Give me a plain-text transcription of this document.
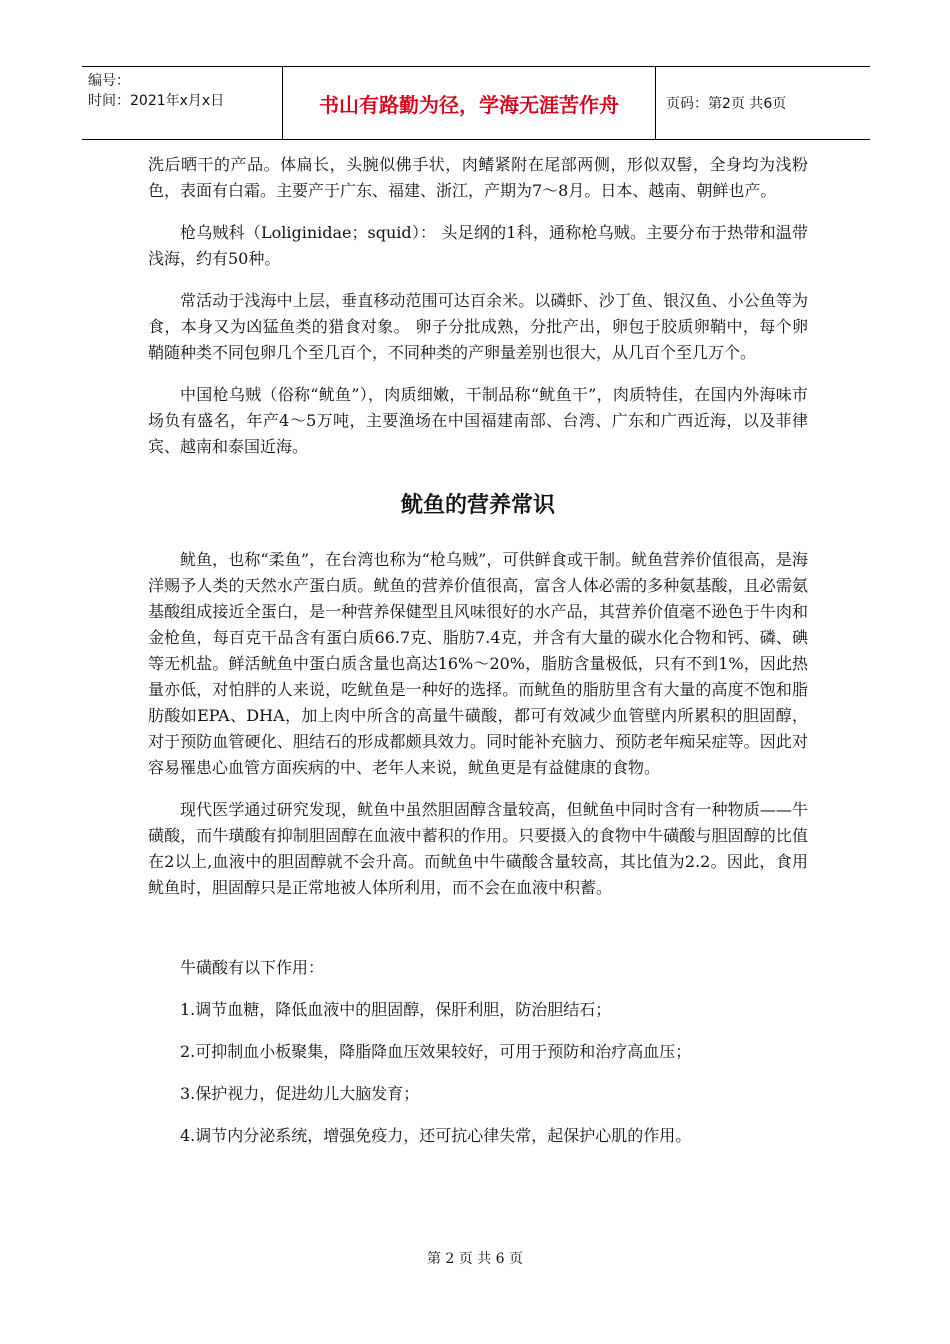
编号：
时间：2021年x月x日	书山有路勤为径，学海无涯苦作舟	页码：第2页 共6页

洗后晒干的产品。体扁长，头腕似佛手状，肉鳍紧附在尾部两侧，形似双髻，全身均为浅粉色，表面有白霜。主要产于广东、福建、浙江，产期为7～8月。日本、越南、朝鲜也产。

枪乌贼科（Loliginidae；squid）： 头足纲的1科，通称枪乌贼。主要分布于热带和温带浅海，约有50种。

常活动于浅海中上层，垂直移动范围可达百余米。以磷虾、沙丁鱼、银汉鱼、小公鱼等为食，本身又为凶猛鱼类的猎食对象。 卵子分批成熟，分批产出，卵包于胶质卵鞘中，每个卵鞘随种类不同包卵几个至几百个，不同种类的产卵量差别也很大，从几百个至几万个。

中国枪乌贼（俗称“鱿鱼”），肉质细嫩，干制品称“鱿鱼干”，肉质特佳，在国内外海味市场负有盛名，年产4～5万吨，主要渔场在中国福建南部、台湾、广东和广西近海，以及菲律宾、越南和泰国近海。

鱿鱼的营养常识

鱿鱼，也称“柔鱼”，在台湾也称为“枪乌贼”，可供鲜食或干制。鱿鱼营养价值很高，是海洋赐予人类的天然水产蛋白质。鱿鱼的营养价值很高，富含人体必需的多种氨基酸，且必需氨基酸组成接近全蛋白，是一种营养保健型且风味很好的水产品，其营养价值毫不逊色于牛肉和金枪鱼，每百克干品含有蛋白质66.7克、脂肪7.4克，并含有大量的碳水化合物和钙、磷、碘等无机盐。鲜活鱿鱼中蛋白质含量也高达16%～20%，脂肪含量极低，只有不到1%，因此热量亦低，对怕胖的人来说，吃鱿鱼是一种好的选择。而鱿鱼的脂肪里含有大量的高度不饱和脂肪酸如EPA、DHA，加上肉中所含的高量牛磺酸，都可有效减少血管壁内所累积的胆固醇，对于预防血管硬化、胆结石的形成都颇具效力。同时能补充脑力、预防老年痴呆症等。因此对容易罹患心血管方面疾病的中、老年人来说，鱿鱼更是有益健康的食物。

现代医学通过研究发现，鱿鱼中虽然胆固醇含量较高，但鱿鱼中同时含有一种物质——牛磺酸，而牛璜酸有抑制胆固醇在血液中蓄积的作用。只要摄入的食物中牛磺酸与胆固醇的比值在2以上,血液中的胆固醇就不会升高。而鱿鱼中牛磺酸含量较高，其比值为2.2。因此，食用鱿鱼时，胆固醇只是正常地被人体所利用，而不会在血液中积蓄。

牛磺酸有以下作用：

1.调节血糖，降低血液中的胆固醇，保肝利胆，防治胆结石；
2.可抑制血小板聚集，降脂降血压效果较好，可用于预防和治疗高血压；
3.保护视力，促进幼儿大脑发育；
4.调节内分泌系统，增强免疫力，还可抗心律失常，起保护心肌的作用。
第 2 页 共 6 页
